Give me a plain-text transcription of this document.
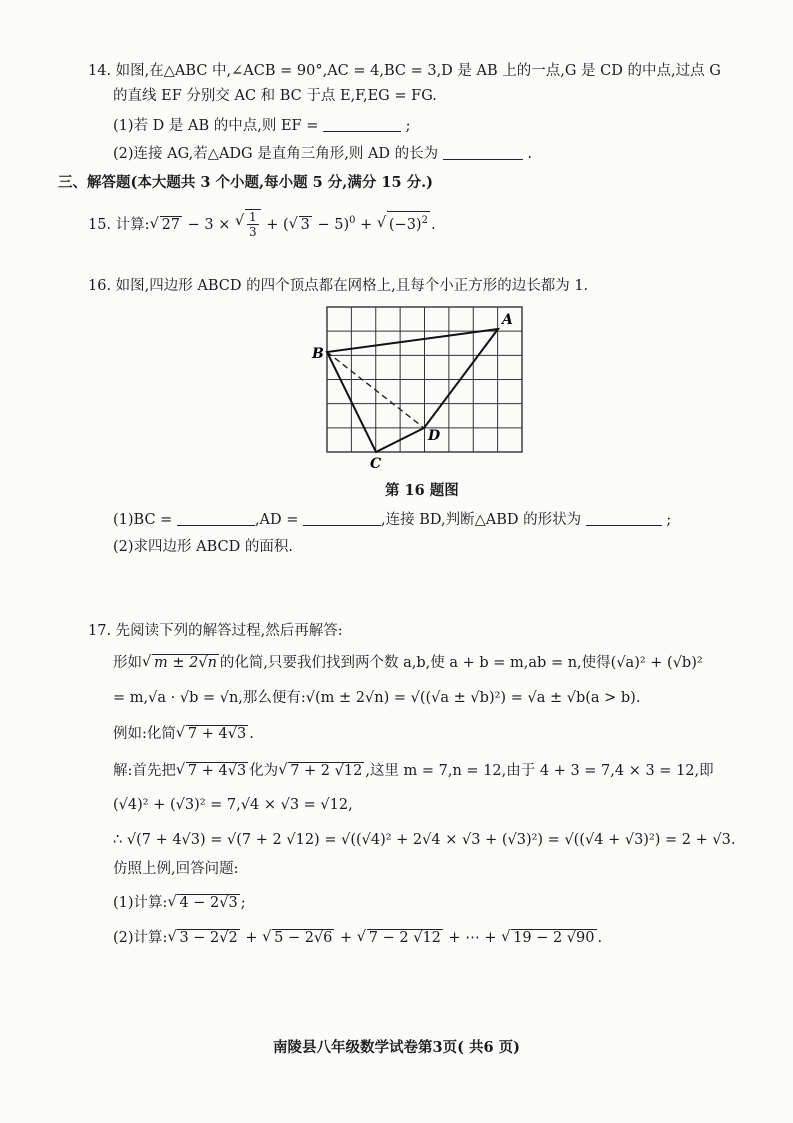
14. 如图,在△ABC 中,∠ACB = 90°,AC = 4,BC = 3,D 是 AB 上的一点,G 是 CD 的中点,过点 G
的直线 EF 分别交 AC 和 BC 于点 E,F,EG = FG.
(1)若 D 是 AB 的中点,则 EF =	;
(2)连接 AG,若△ADG 是直角三角形,则 AD 的长为	.
三、解答题(本大题共 3 个小题,每小题 5 分,满分 15 分.)
15. 计算: √ 27 − 3 × √ $\frac{1}{3}$ + ( √ 3 − 5)$^0$ + √ $(-3)^2$ .
16. 如图,四边形 ABCD 的四个顶点都在网格上,且每个小正方形的边长都为 1.
A
B
C
D
第 16 题图
(1)BC =	,AD =	,连接 BD,判断△ABD 的形状为	;
(2)求四边形 ABCD 的面积.
17. 先阅读下列的解答过程,然后再解答:
形如 √ m ± 2√n 的化简,只要我们找到两个数 a,b,使 a + b = m,ab = n,使得(√a)² + (√b)²
= m,√a · √b = √n,那么便有:√(m ± 2√n) = √((√a ± √b)²) = √a ± √b(a > b).
例如:化简 √ 7 + 4√3 .
解:首先把 √ 7 + 4√3 化为 √ 7 + 2 √12 ,这里 m = 7,n = 12,由于 4 + 3 = 7,4 × 3 = 12,即
(√4)² + (√3)² = 7,√4 × √3 = √12,
∴ √(7 + 4√3) = √(7 + 2 √12) = √((√4)² + 2√4 × √3 + (√3)²) = √((√4 + √3)²) = 2 + √3.
仿照上例,回答问题:
(1)计算: √ 4 − 2√3 ;
(2)计算: √ 3 − 2√2 + √ 5 − 2√6 + √ 7 − 2 √12 + ⋯ + √ 19 − 2 √90 .
南陵县八年级数学试卷第3页( 共6 页)
